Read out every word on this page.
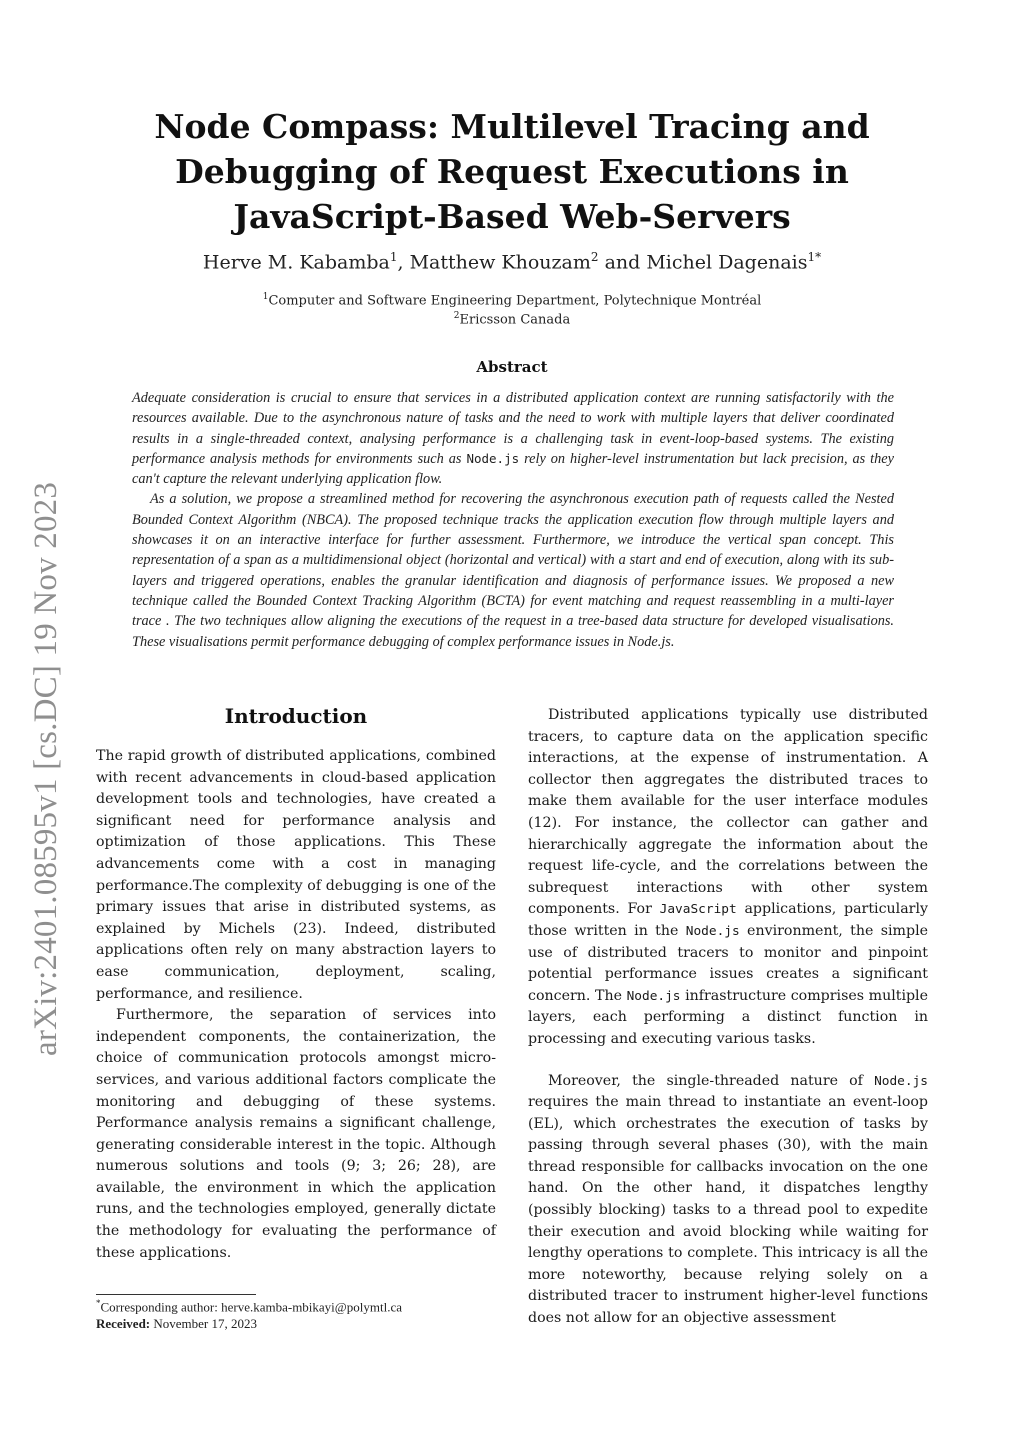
arXiv:2401.08595v1 [cs.DC] 19 Nov 2023
Node Compass: Multilevel Tracing and Debugging of Request Executions in JavaScript-Based Web-Servers
Herve M. Kabamba$^1$, Matthew Khouzam$^2$ and Michel Dagenais$^{1*}$
$^1$Computer and Software Engineering Department, Polytechnique Montréal
$^2$Ericsson Canada
Abstract

Adequate consideration is crucial to ensure that services in a distributed application context are running satisfactorily with the resources available. Due to the asynchronous nature of tasks and the need to work with multiple layers that deliver coordinated results in a single-threaded context, analysing performance is a challenging task in event-loop-based systems. The existing performance analysis methods for environments such as Node.js rely on higher-level instrumentation but lack precision, as they can't capture the relevant underlying application flow.

As a solution, we propose a streamlined method for recovering the asynchronous execution path of requests called the Nested Bounded Context Algorithm (NBCA). The proposed technique tracks the application execution flow through multiple layers and showcases it on an interactive interface for further assessment. Furthermore, we introduce the vertical span concept. This representation of a span as a multidimensional object (horizontal and vertical) with a start and end of execution, along with its sub-layers and triggered operations, enables the granular identification and diagnosis of performance issues. We proposed a new technique called the Bounded Context Tracking Algorithm (BCTA) for event matching and request reassembling in a multi-layer trace . The two techniques allow aligning the executions of the request in a tree-based data structure for developed visualisations. These visualisations permit performance debugging of complex performance issues in Node.js.

Introduction

The rapid growth of distributed applications, combined with recent advancements in cloud-based application development tools and technologies, have created a significant need for performance analysis and optimization of those applications. This These advancements come with a cost in managing performance.The complexity of debugging is one of the primary issues that arise in distributed systems, as explained by Michels (23). Indeed, distributed applications often rely on many abstraction layers to ease communication, deployment, scaling, performance, and resilience.

Furthermore, the separation of services into independent components, the containerization, the choice of communication protocols amongst micro-services, and various additional factors complicate the monitoring and debugging of these systems. Performance analysis remains a significant challenge, generating considerable interest in the topic. Although numerous solutions and tools (9; 3; 26; 28), are available, the environment in which the application runs, and the technologies employed, generally dictate the methodology for evaluating the performance of these applications.

Distributed applications typically use distributed tracers, to capture data on the application specific interactions, at the expense of instrumentation. A collector then aggregates the distributed traces to make them available for the user interface modules (12). For instance, the collector can gather and hierarchically aggregate the information about the request life-cycle, and the correlations between the subrequest interactions with other system components. For JavaScript applications, particularly those written in the Node.js environment, the simple use of distributed tracers to monitor and pinpoint potential performance issues creates a significant concern. The Node.js infrastructure comprises multiple layers, each performing a distinct function in processing and executing various tasks.

Moreover, the single-threaded nature of Node.js requires the main thread to instantiate an event-loop (EL), which orchestrates the execution of tasks by passing through several phases (30), with the main thread responsible for callbacks invocation on the one hand. On the other hand, it dispatches lengthy (possibly blocking) tasks to a thread pool to expedite their execution and avoid blocking while waiting for lengthy operations to complete. This intricacy is all the more noteworthy, because relying solely on a distributed tracer to instrument higher-level functions does not allow for an objective assessment

*Corresponding author: herve.kamba-mbikayi@polymtl.ca
Received: November 17, 2023
